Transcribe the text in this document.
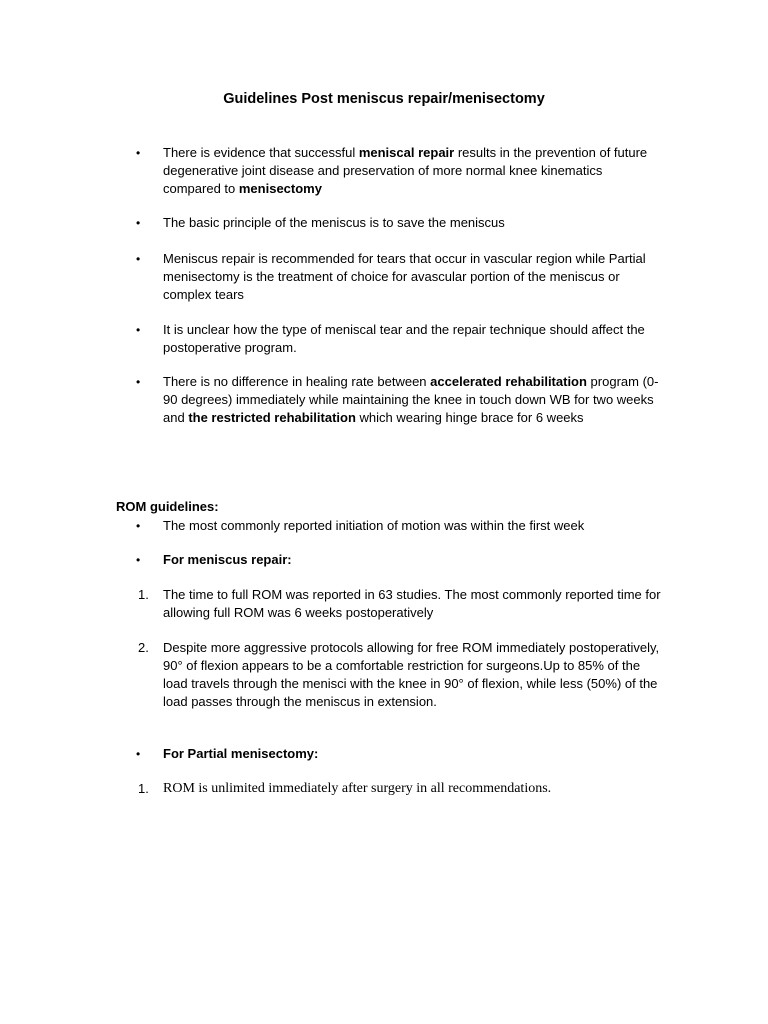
Guidelines Post meniscus repair/menisectomy
• There is evidence that successful meniscal repair results in the prevention of future degenerative joint disease and preservation of more normal knee kinematics compared to menisectomy
• The basic principle of the meniscus is to save the meniscus
• Meniscus repair is recommended for tears that occur in vascular region while Partial menisectomy is the treatment of choice for avascular portion of the meniscus or complex tears
• It is unclear how the type of meniscal tear and the repair technique should affect the postoperative program.
• There is no difference in healing rate between accelerated rehabilitation program (0-90 degrees) immediately while maintaining the knee in touch down WB for two weeks and the restricted rehabilitation which wearing hinge brace for 6 weeks
ROM guidelines:
• The most commonly reported initiation of motion was within the first week
• For meniscus repair:
1. The time to full ROM was reported in 63 studies. The most commonly reported time for allowing full ROM was 6 weeks postoperatively
2. Despite more aggressive protocols allowing for free ROM immediately postoperatively, 90° of flexion appears to be a comfortable restriction for surgeons.Up to 85% of the load travels through the menisci with the knee in 90° of flexion, while less (50%) of the load passes through the meniscus in extension.
• For Partial menisectomy:
1. ROM is unlimited immediately after surgery in all recommendations.
